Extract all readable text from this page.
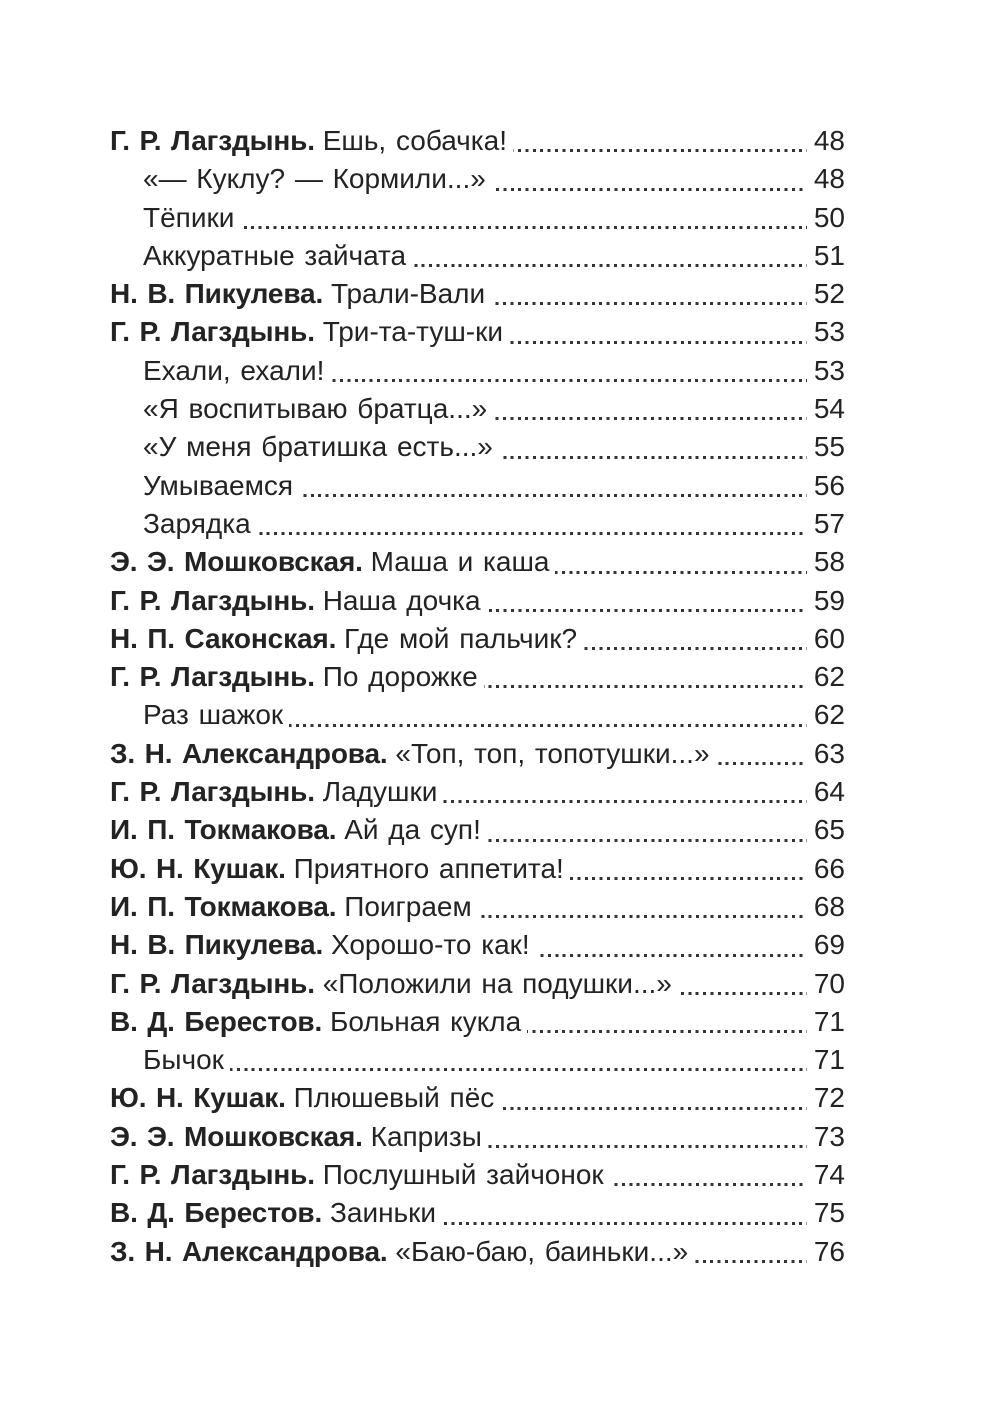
Г. Р. Лагздынь. Ешь, собачка!	48
«— Куклу? — Кормили...»	48
Тёпики	50
Аккуратные зайчата	51
Н. В. Пикулева. Трали-Вали	52
Г. Р. Лагздынь. Три-та-туш-ки	53
Ехали, ехали!	53
«Я воспитываю братца...»	54
«У меня братишка есть...»	55
Умываемся	56
Зарядка	57
Э. Э. Мошковская. Маша и каша	58
Г. Р. Лагздынь. Наша дочка	59
Н. П. Саконская. Где мой пальчик?	60
Г. Р. Лагздынь. По дорожке	62
Раз шажок	62
З. Н. Александрова. «Топ, топ, топотушки...»	63
Г. Р. Лагздынь. Ладушки	64
И. П. Токмакова. Ай да суп!	65
Ю. Н. Кушак. Приятного аппетита!	66
И. П. Токмакова. Поиграем	68
Н. В. Пикулева. Хорошо-то как!	69
Г. Р. Лагздынь. «Положили на подушки...»	70
В. Д. Берестов. Больная кукла	71
Бычок	71
Ю. Н. Кушак. Плюшевый пёс	72
Э. Э. Мошковская. Капризы	73
Г. Р. Лагздынь. Послушный зайчонок	74
В. Д. Берестов. Заиньки	75
З. Н. Александрова. «Баю-баю, баиньки...»	76
